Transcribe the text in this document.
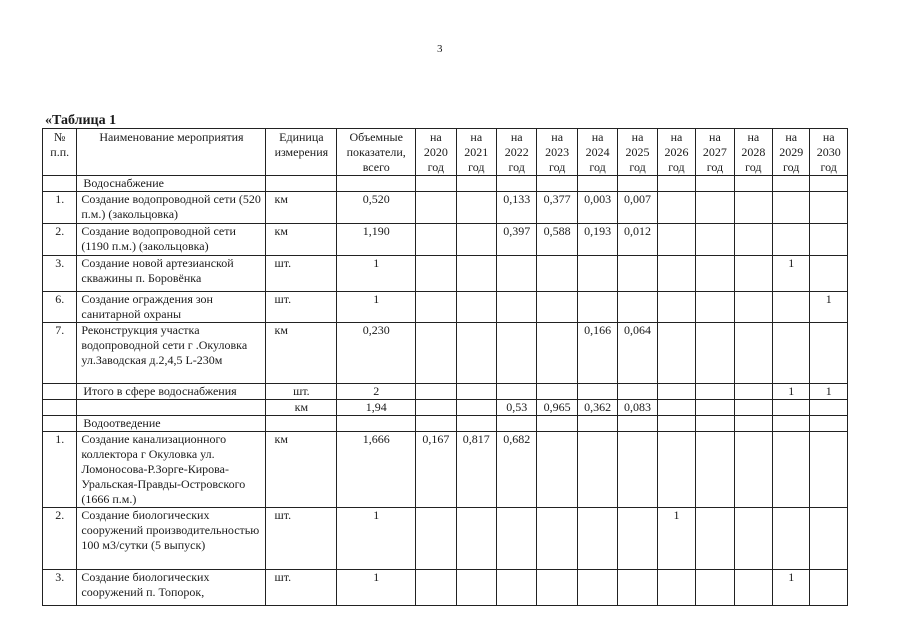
3
«Таблица 1
№ п.п.	Наименование мероприятия	Единица измерения	Объемные показатели, всего	на 2020 год	на 2021 год	на 2022 год	на 2023 год	на 2024 год	на 2025 год	на 2026 год	на 2027 год	на 2028 год	на 2029 год	на 2030 год
	Водоснабжение													
1.	Создание водопроводной сети (520 п.м.) (закольцовка)	км	0,520			0,133	0,377	0,003	0,007					
2.	Создание водопроводной сети (1190 п.м.) (закольцовка)	км	1,190			0,397	0,588	0,193	0,012					
3.	Создание новой артезианской скважины п. Боровёнка	шт.	1										1	
6.	Создание ограждения зон санитарной охраны	шт.	1											1
7.	Реконструкция участка водопроводной сети г .Окуловка ул.Заводская д.2,4,5 L-230м	км	0,230					0,166	0,064					
	Итого в сфере водоснабжения	шт.	2										1	1
		км	1,94			0,53	0,965	0,362	0,083					
	Водоотведение													
1.	Создание канализационного коллектора г Окуловка ул. Ломоносова-Р.Зорге-Кирова-Уральская-Правды-Островского (1666 п.м.)	км	1,666	0,167	0,817	0,682								
2.	Создание биологических сооружений производительностью 100 м3/сутки (5 выпуск)	шт.	1							1				
3.	Создание биологических сооружений п. Топорок,	шт.	1										1	
